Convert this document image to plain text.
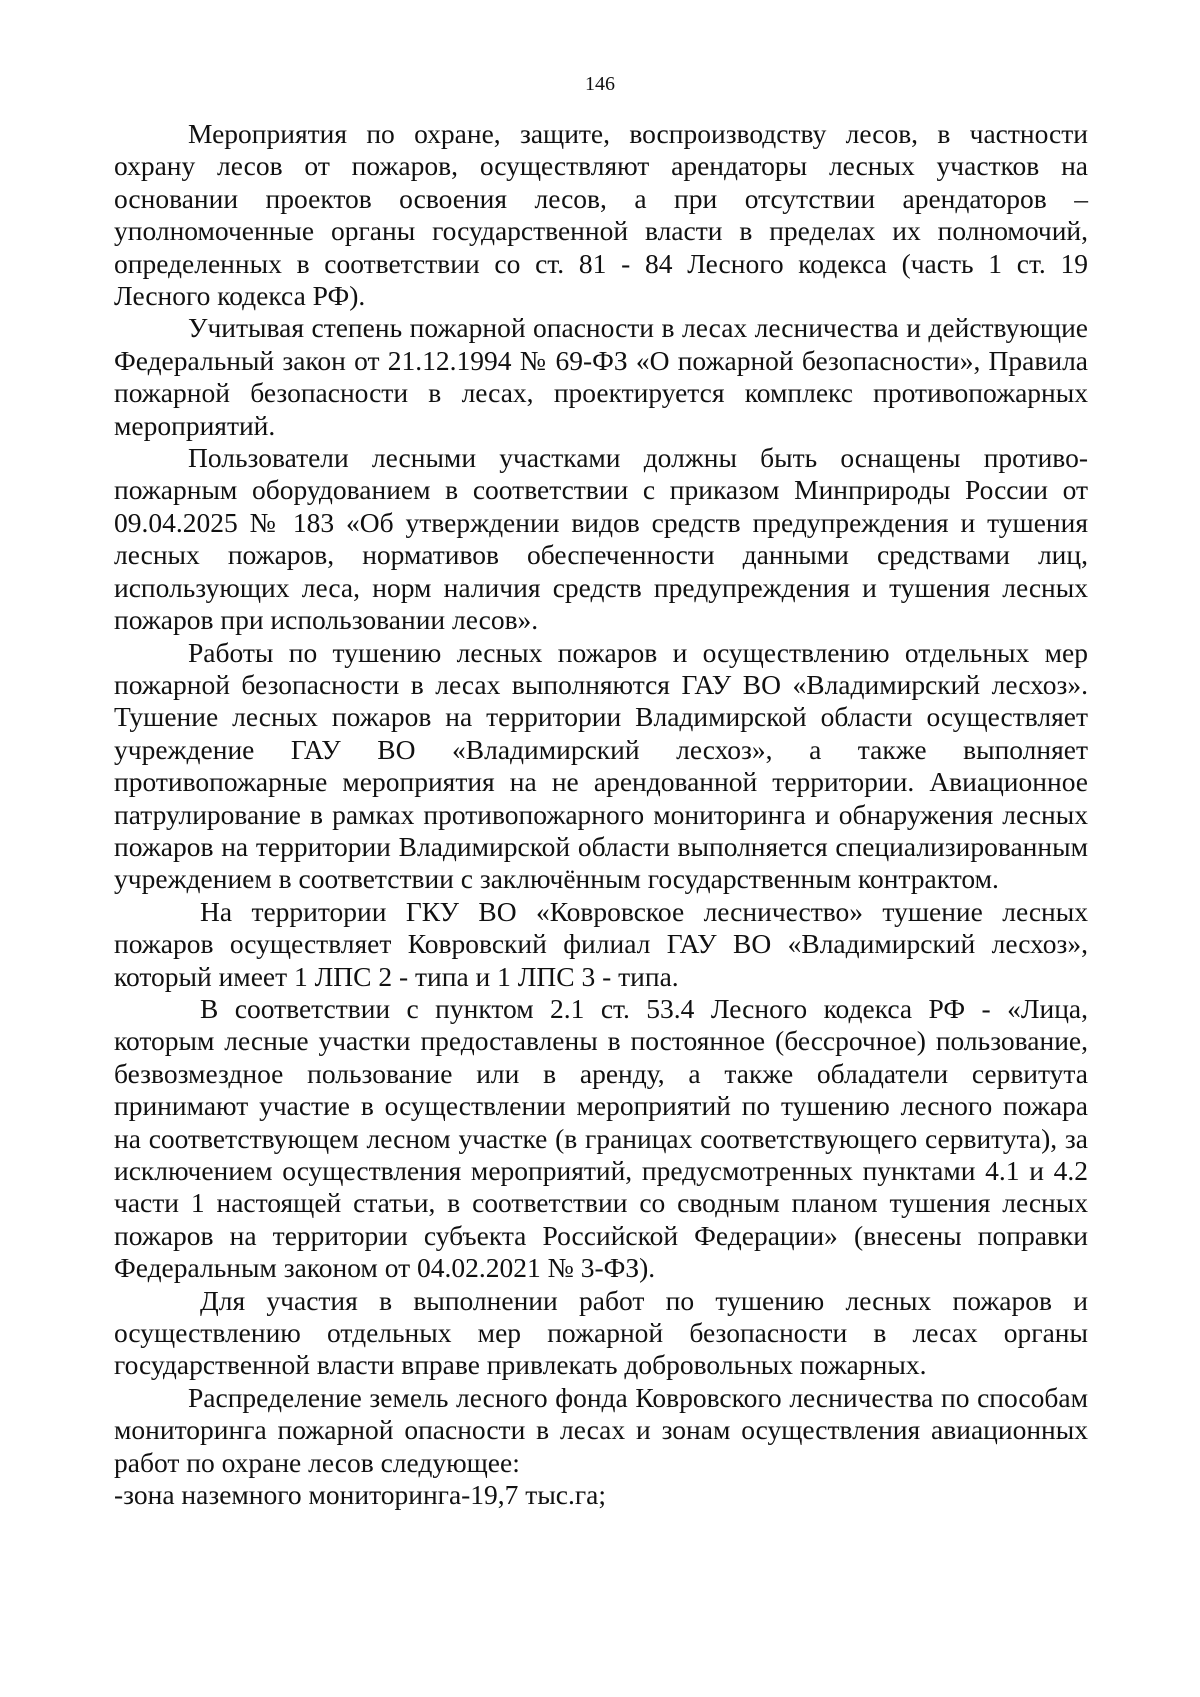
146

Мероприятия по охране, защите, воспроизводству лесов, в частности охрану лесов от пожаров, осуществляют арендаторы лесных участков на основании проектов освоения лесов, а при отсутствии арендаторов – уполномоченные органы государственной власти в пределах их полномочий, определенных в соответствии со ст. 81 - 84 Лесного кодекса (часть 1 ст. 19 Лесного кодекса РФ).

Учитывая степень пожарной опасности в лесах лесничества и действующие Федеральный закон от 21.12.1994 № 69-ФЗ «О пожарной безопасности», Правила пожарной безопасности в лесах, проектируется комплекс противопожарных мероприятий.

Пользователи лесными участками должны быть оснащены противо-пожарным оборудованием в соответствии с приказом Минприроды России от 09.04.2025 № 183 «Об утверждении видов средств предупреждения и тушения лесных пожаров, нормативов обеспеченности данными средствами лиц, использующих леса, норм наличия средств предупреждения и тушения лесных пожаров при использовании лесов».

Работы по тушению лесных пожаров и осуществлению отдельных мер пожарной безопасности в лесах выполняются ГАУ ВО «Владимирский лесхоз». Тушение лесных пожаров на территории Владимирской области осуществляет учреждение ГАУ ВО «Владимирский лесхоз», а также выполняет противопожарные мероприятия на не арендованной территории. Авиационное патрулирование в рамках противопожарного мониторинга и обнаружения лесных пожаров на территории Владимирской области выполняется специализированным учреждением в соответствии с заключённым государственным контрактом.

На территории ГКУ ВО «Ковровское лесничество» тушение лесных пожаров осуществляет Ковровский филиал ГАУ ВО «Владимирский лесхоз», который имеет 1 ЛПС 2 - типа и 1 ЛПС 3 - типа.

В соответствии с пунктом 2.1 ст. 53.4 Лесного кодекса РФ - «Лица, которым лесные участки предоставлены в постоянное (бессрочное) пользование, безвозмездное пользование или в аренду, а также обладатели сервитута принимают участие в осуществлении мероприятий по тушению лесного пожара на соответствующем лесном участке (в границах соответствующего сервитута), за исключением осуществления мероприятий, предусмотренных пунктами 4.1 и 4.2 части 1 настоящей статьи, в соответствии со сводным планом тушения лесных пожаров на территории субъекта Российской Федерации» (внесены поправки Федеральным законом от 04.02.2021 № 3-ФЗ).

Для участия в выполнении работ по тушению лесных пожаров и осуществлению отдельных мер пожарной безопасности в лесах органы государственной власти вправе привлекать добровольных пожарных.

Распределение земель лесного фонда Ковровского лесничества по способам мониторинга пожарной опасности в лесах и зонам осуществления авиационных работ по охране лесов следующее:

-зона наземного мониторинга-19,7 тыс.га;
